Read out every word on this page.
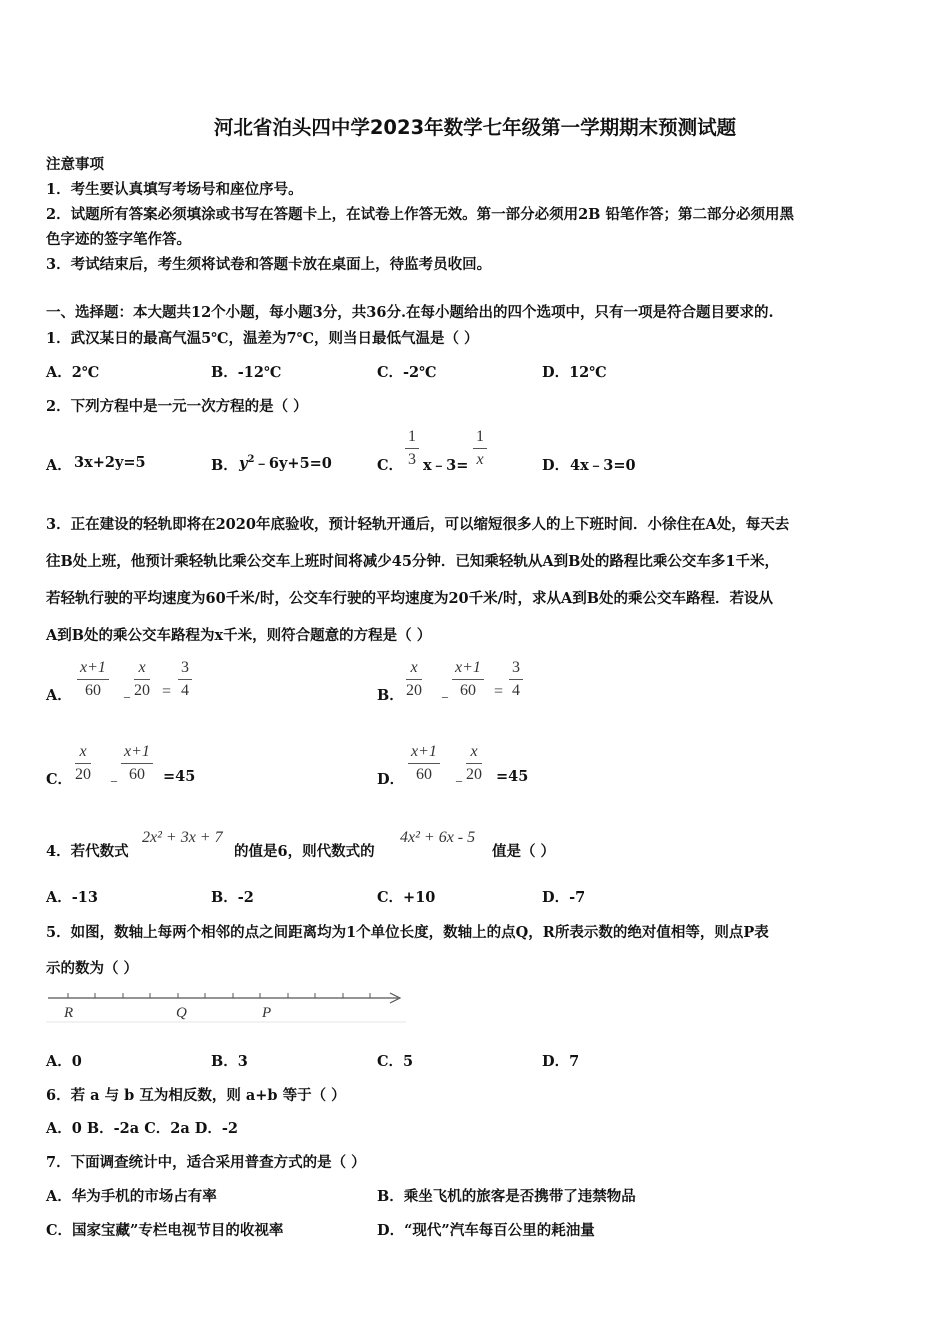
河北省泊头四中学2023年数学七年级第一学期期末预测试题
注意事项
1．考生要认真填写考场号和座位序号。
2．试题所有答案必须填涂或书写在答题卡上，在试卷上作答无效。第一部分必须用2B 铅笔作答；第二部分必须用黑
色字迹的签字笔作答。
3．考试结束后，考生须将试卷和答题卡放在桌面上，待监考员收回。
一、选择题：本大题共12个小题，每小题3分，共36分.在每小题给出的四个选项中，只有一项是符合题目要求的.
1．武汉某日的最高气温5℃，温差为7℃，则当日最低气温是（ ）
A．2℃	B．-12℃	C．-2℃	D．12℃
2．下列方程中是一元一次方程的是（ ）
A． 3x+2y=5	B． $y^2﹣6y+5=0$	C． $\frac{1}{3}$ x﹣3= $\frac{1}{x}$	D． 4x﹣3=0
3．正在建设的轻轨即将在2020年底验收，预计轻轨开通后，可以缩短很多人的上下班时间．小徐住在A处，每天去
往B处上班，他预计乘轻轨比乘公交车上班时间将减少45分钟．已知乘轻轨从A到B处的路程比乘公交车多1千米，
若轻轨行驶的平均速度为60千米/时，公交车行驶的平均速度为20千米/时，求从A到B处的乘公交车路程．若设从
A到B处的乘公交车路程为x千米，则符合题意的方程是（ ）
A． $\frac{x+1}{60}$ ﹣
$\frac{x}{20} = \frac{3}{4}$	B． $\frac{x}{20}$ ﹣
$\frac{x+1}{60} = \frac{3}{4}$
C． $\frac{x}{20}$ ﹣
$\frac{x+1}{60} =45$	D． $\frac{x+1}{60}$ ﹣
$\frac{x}{20} =45$
4．若代数式
2x² + 3x + 7
的值是6，则代数式的
4x² + 6x - 5
值是（ ）
A．-13	B．-2	C．+10	D．-7
5．如图，数轴上每两个相邻的点之间距离均为1个单位长度，数轴上的点Q，R所表示数的绝对值相等，则点P表
示的数为（ ）
R	Q	P
A．0	B．3	C．5	D．7
6．若 a 与 b 互为相反数，则 a+b 等于（ ）
A．0 B．-2a C．2a D．-2
7．下面调查统计中，适合采用普查方式的是（ ）
A．华为手机的市场占有率	B．乘坐飞机的旅客是否携带了违禁物品
C．国家宝藏”专栏电视节目的收视率	D．“现代”汽车每百公里的耗油量
